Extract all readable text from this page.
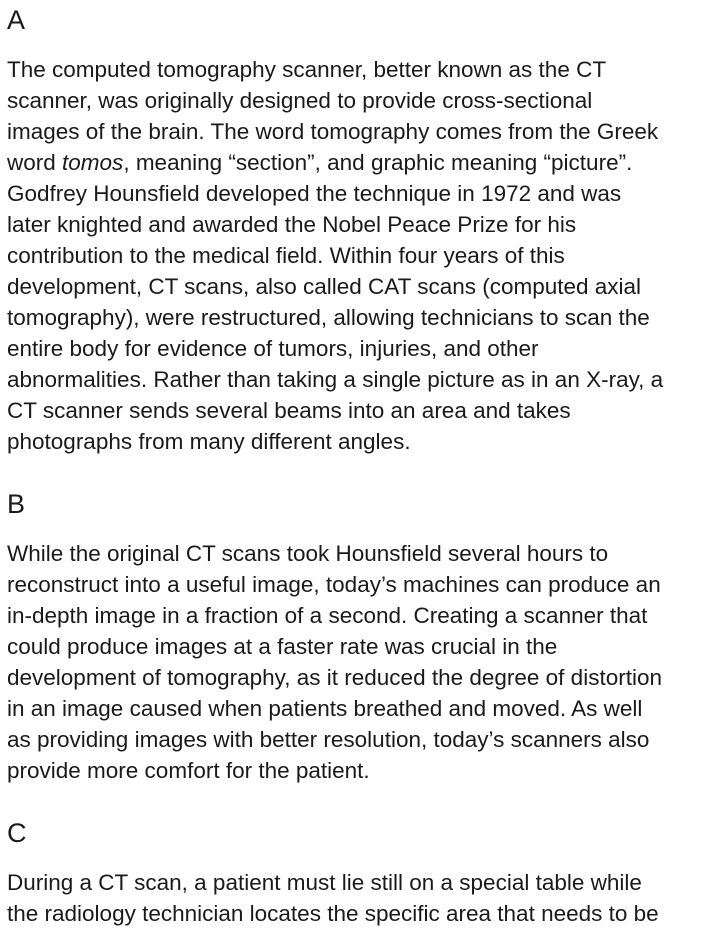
A

The computed tomography scanner, better known as the CT
scanner, was originally designed to provide cross-sectional
images of the brain. The word tomography comes from the Greek
word tomos, meaning “section”, and graphic meaning “picture”.
Godfrey Hounsfield developed the technique in 1972 and was
later knighted and awarded the Nobel Peace Prize for his
contribution to the medical field. Within four years of this
development, CT scans, also called CAT scans (computed axial
tomography), were restructured, allowing technicians to scan the
entire body for evidence of tumors, injuries, and other
abnormalities. Rather than taking a single picture as in an X-ray, a
CT scanner sends several beams into an area and takes
photographs from many different angles.

B

While the original CT scans took Hounsfield several hours to
reconstruct into a useful image, today’s machines can produce an
in-depth image in a fraction of a second. Creating a scanner that
could produce images at a faster rate was crucial in the
development of tomography, as it reduced the degree of distortion
in an image caused when patients breathed and moved. As well
as providing images with better resolution, today’s scanners also
provide more comfort for the patient.

C

During a CT scan, a patient must lie still on a special table while
the radiology technician locates the specific area that needs to be
